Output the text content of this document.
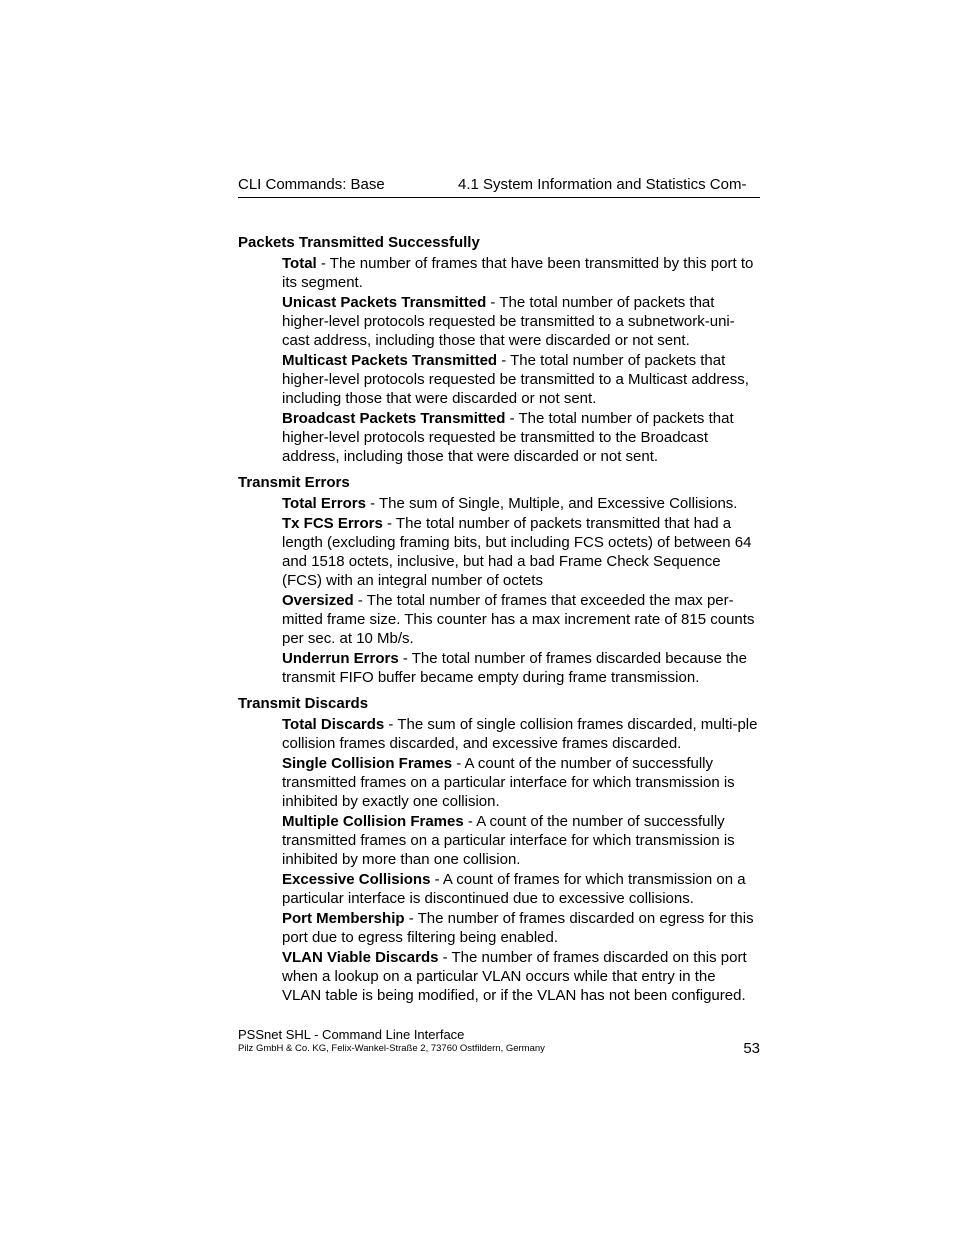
CLI Commands: Base	4.1 System Information and Statistics Com-
Packets Transmitted Successfully
Total - The number of frames that have been transmitted by this port to its segment.
Unicast Packets Transmitted - The total number of packets that higher-level protocols requested be transmitted to a subnetwork-uni-cast address, including those that were discarded or not sent.
Multicast Packets Transmitted - The total number of packets that higher-level protocols requested be transmitted to a Multicast address, including those that were discarded or not sent.
Broadcast Packets Transmitted - The total number of packets that higher-level protocols requested be transmitted to the Broadcast address, including those that were discarded or not sent.
Transmit Errors
Total Errors - The sum of Single, Multiple, and Excessive Collisions.
Tx FCS Errors - The total number of packets transmitted that had a length (excluding framing bits, but including FCS octets) of between 64 and 1518 octets, inclusive, but had a bad Frame Check Sequence (FCS) with an integral number of octets
Oversized - The total number of frames that exceeded the max per-mitted frame size. This counter has a max increment rate of 815 counts per sec. at 10 Mb/s.
Underrun Errors - The total number of frames discarded because the transmit FIFO buffer became empty during frame transmission.
Transmit Discards
Total Discards - The sum of single collision frames discarded, multi-ple collision frames discarded, and excessive frames discarded.
Single Collision Frames - A count of the number of successfully transmitted frames on a particular interface for which transmission is inhibited by exactly one collision.
Multiple Collision Frames - A count of the number of successfully transmitted frames on a particular interface for which transmission is inhibited by more than one collision.
Excessive Collisions - A count of frames for which transmission on a particular interface is discontinued due to excessive collisions.
Port Membership - The number of frames discarded on egress for this port due to egress filtering being enabled.
VLAN Viable Discards - The number of frames discarded on this port when a lookup on a particular VLAN occurs while that entry in the VLAN table is being modified, or if the VLAN has not been configured.
PSSnet SHL - Command Line Interface
Pilz GmbH & Co. KG, Felix-Wankel-Straße 2, 73760 Ostfildern, Germany	53
